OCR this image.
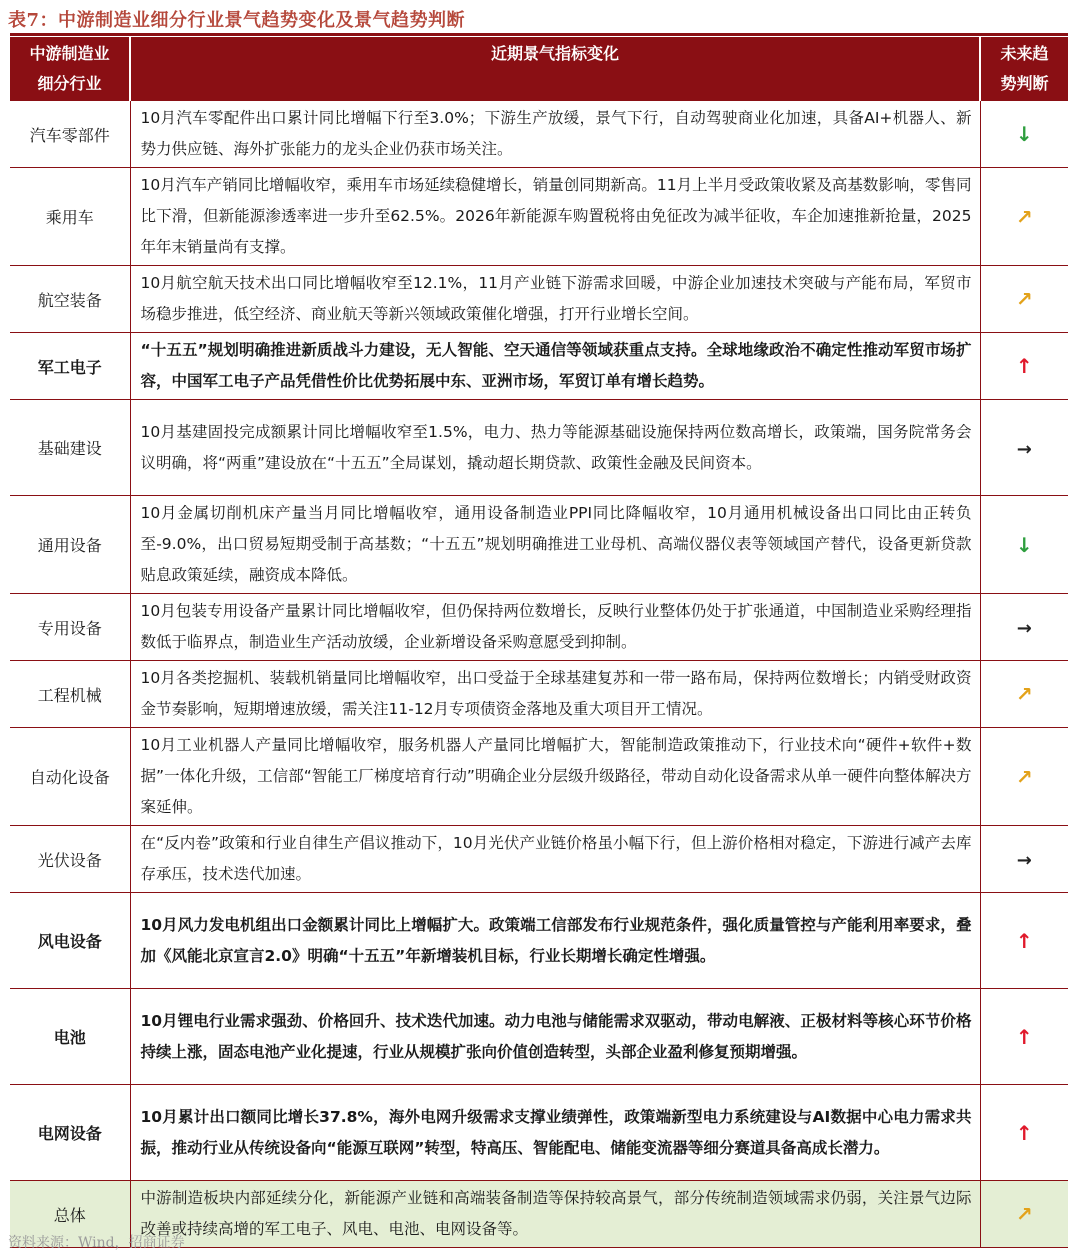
表7：中游制造业细分行业景气趋势变化及景气趋势判断
中游制造业细分行业	近期景气指标变化	未来趋势判断
汽车零部件	10月汽车零配件出口累计同比增幅下行至3.0%；下游生产放缓，景气下行，自动驾驶商业化加速，具备AI+机器人、新势力供应链、海外扩张能力的龙头企业仍获市场关注。	↓
乘用车	10月汽车产销同比增幅收窄，乘用车市场延续稳健增长，销量创同期新高。11月上半月受政策收紧及高基数影响，零售同比下滑，但新能源渗透率进一步升至62.5%。2026年新能源车购置税将由免征改为减半征收，车企加速推新抢量，2025年年末销量尚有支撑。	↗
航空装备	10月航空航天技术出口同比增幅收窄至12.1%，11月产业链下游需求回暖，中游企业加速技术突破与产能布局，军贸市场稳步推进，低空经济、商业航天等新兴领域政策催化增强，打开行业增长空间。	↗
军工电子	“十五五”规划明确推进新质战斗力建设，无人智能、空天通信等领域获重点支持。全球地缘政治不确定性推动军贸市场扩容，中国军工电子产品凭借性价比优势拓展中东、亚洲市场，军贸订单有增长趋势。	↑
基础建设	10月基建固投完成额累计同比增幅收窄至1.5%，电力、热力等能源基础设施保持两位数高增长，政策端，国务院常务会议明确，将“两重”建设放在“十五五”全局谋划，撬动超长期贷款、政策性金融及民间资本。	→
通用设备	10月金属切削机床产量当月同比增幅收窄，通用设备制造业PPI同比降幅收窄，10月通用机械设备出口同比由正转负至-9.0%，出口贸易短期受制于高基数；“十五五”规划明确推进工业母机、高端仪器仪表等领域国产替代，设备更新贷款贴息政策延续，融资成本降低。	↓
专用设备	10月包装专用设备产量累计同比增幅收窄，但仍保持两位数增长，反映行业整体仍处于扩张通道，中国制造业采购经理指数低于临界点，制造业生产活动放缓，企业新增设备采购意愿受到抑制。	→
工程机械	10月各类挖掘机、装载机销量同比增幅收窄，出口受益于全球基建复苏和一带一路布局，保持两位数增长；内销受财政资金节奏影响，短期增速放缓，需关注11-12月专项债资金落地及重大项目开工情况。	↗
自动化设备	10月工业机器人产量同比增幅收窄，服务机器人产量同比增幅扩大，智能制造政策推动下，行业技术向“硬件+软件+数据”一体化升级，工信部“智能工厂梯度培育行动”明确企业分层级升级路径，带动自动化设备需求从单一硬件向整体解决方案延伸。	↗
光伏设备	在“反内卷”政策和行业自律生产倡议推动下，10月光伏产业链价格虽小幅下行，但上游价格相对稳定，下游进行减产去库存承压，技术迭代加速。	→
风电设备	10月风力发电机组出口金额累计同比上增幅扩大。政策端工信部发布行业规范条件，强化质量管控与产能利用率要求，叠加《风能北京宣言2.0》明确“十五五”年新增装机目标，行业长期增长确定性增强。	↑
电池	10月锂电行业需求强劲、价格回升、技术迭代加速。动力电池与储能需求双驱动，带动电解液、正极材料等核心环节价格持续上涨，固态电池产业化提速，行业从规模扩张向价值创造转型，头部企业盈利修复预期增强。	↑
电网设备	10月累计出口额同比增长37.8%，海外电网升级需求支撑业绩弹性，政策端新型电力系统建设与AI数据中心电力需求共振，推动行业从传统设备向“能源互联网”转型，特高压、智能配电、储能变流器等细分赛道具备高成长潜力。	↑
总体	中游制造板块内部延续分化，新能源产业链和高端装备制造等保持较高景气，部分传统制造领域需求仍弱，关注景气边际改善或持续高增的军工电子、风电、电池、电网设备等。	↗
资料来源：Wind，招商证券
